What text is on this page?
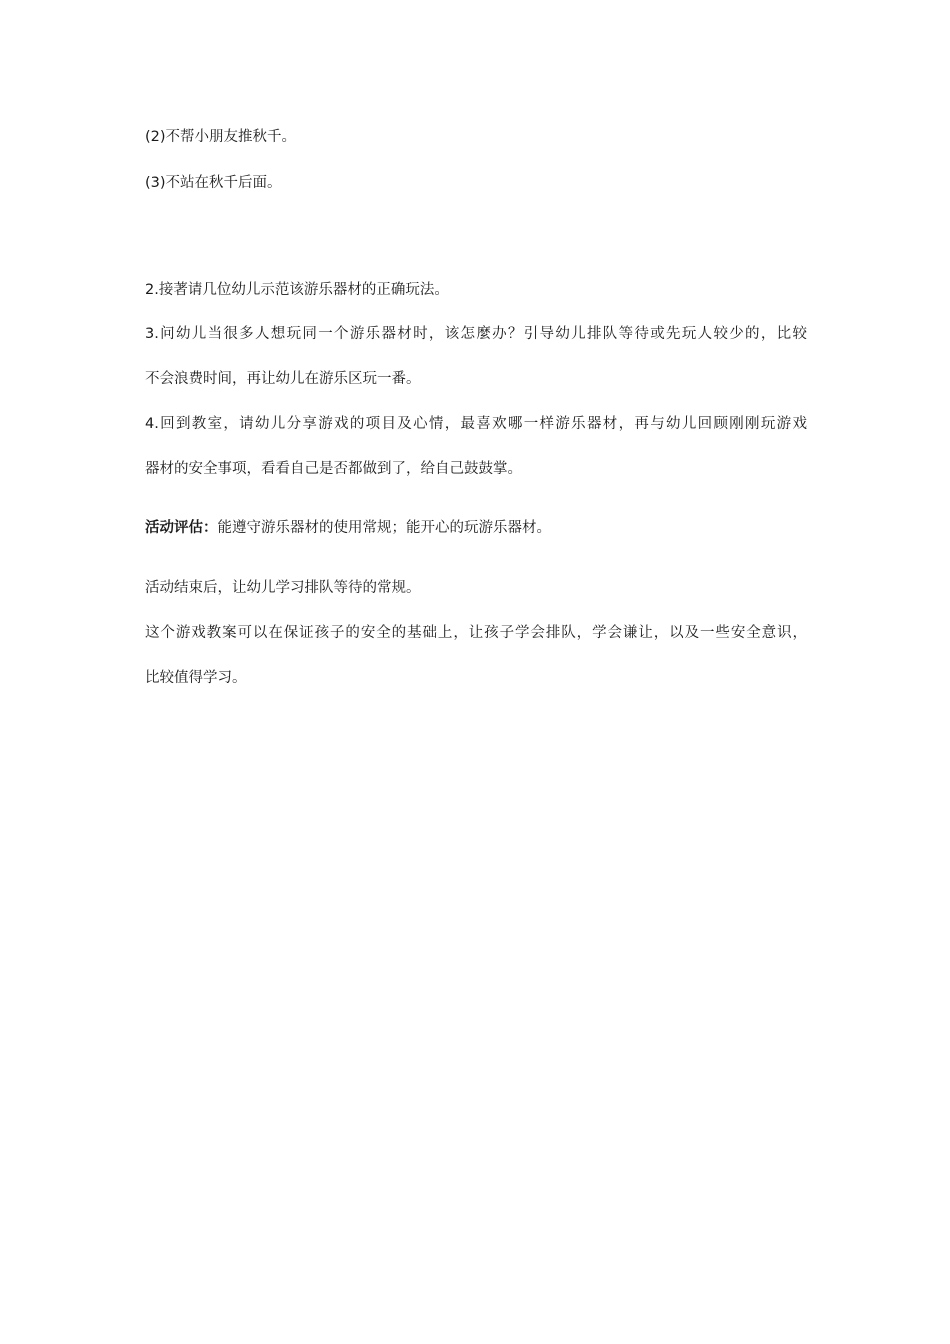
(2)不帮小朋友推秋千。
(3)不站在秋千后面。
2.接著请几位幼儿示范该游乐器材的正确玩法。
3.问幼儿当很多人想玩同一个游乐器材时，该怎麼办？引导幼儿排队等待或先玩人较少的，比较
不会浪费时间，再让幼儿在游乐区玩一番。
4.回到教室，请幼儿分享游戏的项目及心情，最喜欢哪一样游乐器材，再与幼儿回顾刚刚玩游戏
器材的安全事项，看看自己是否都做到了，给自己鼓鼓掌。
活动评估：能遵守游乐器材的使用常规；能开心的玩游乐器材。
活动结束后，让幼儿学习排队等待的常规。
这个游戏教案可以在保证孩子的安全的基础上，让孩子学会排队，学会谦让，以及一些安全意识，
比较值得学习。
